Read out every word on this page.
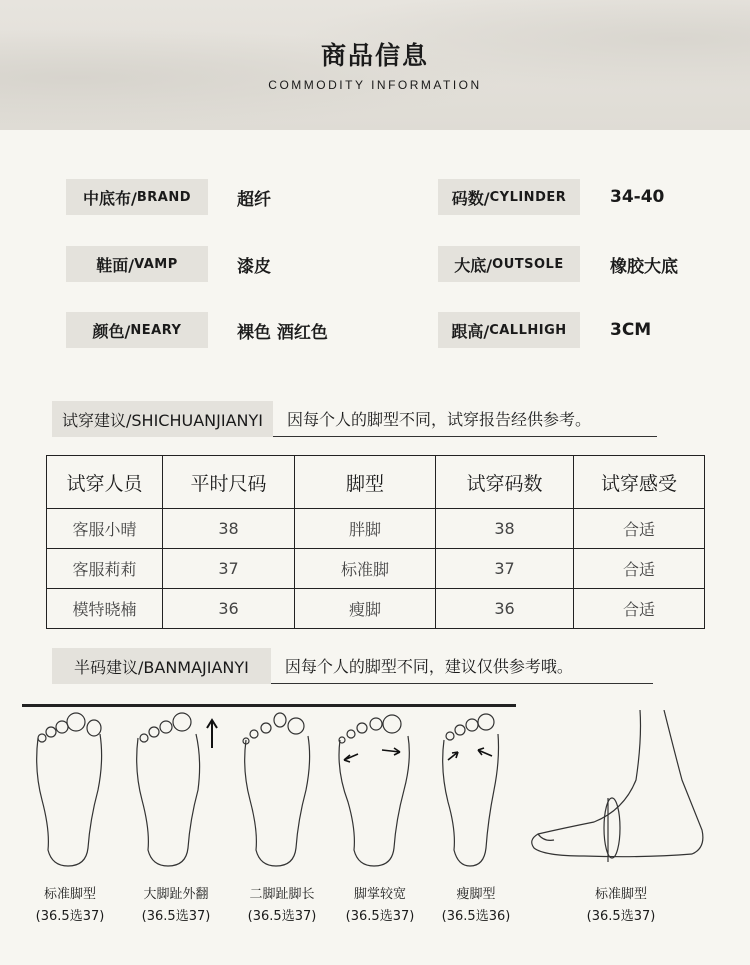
商品信息
COMMODITY INFORMATION
中底布/ BRAND	超纤	码数/ CYLINDER	34-40
鞋面/ VAMP	漆皮	大底/ OUTSOLE	橡胶大底
颜色/ NEARY	裸色 酒红色	跟高/ CALLHIGH	3CM
试穿建议/SHICHUANJIANYI	因每个人的脚型不同，试穿报告经供参考。
试穿人员	平时尺码	脚型	试穿码数	试穿感受
客服小晴	38	胖脚	38	合适
客服莉莉	37	标准脚	37	合适
模特晓楠	36	瘦脚	36	合适
半码建议/BANMAJIANYI	因每个人的脚型不同，建议仅供参考哦。
标准脚型
(36.5选37)
大脚趾外翻
(36.5选37)
二脚趾脚长
(36.5选37)
脚掌较宽
(36.5选37)
瘦脚型
(36.5选36)
标准脚型
(36.5选37)
